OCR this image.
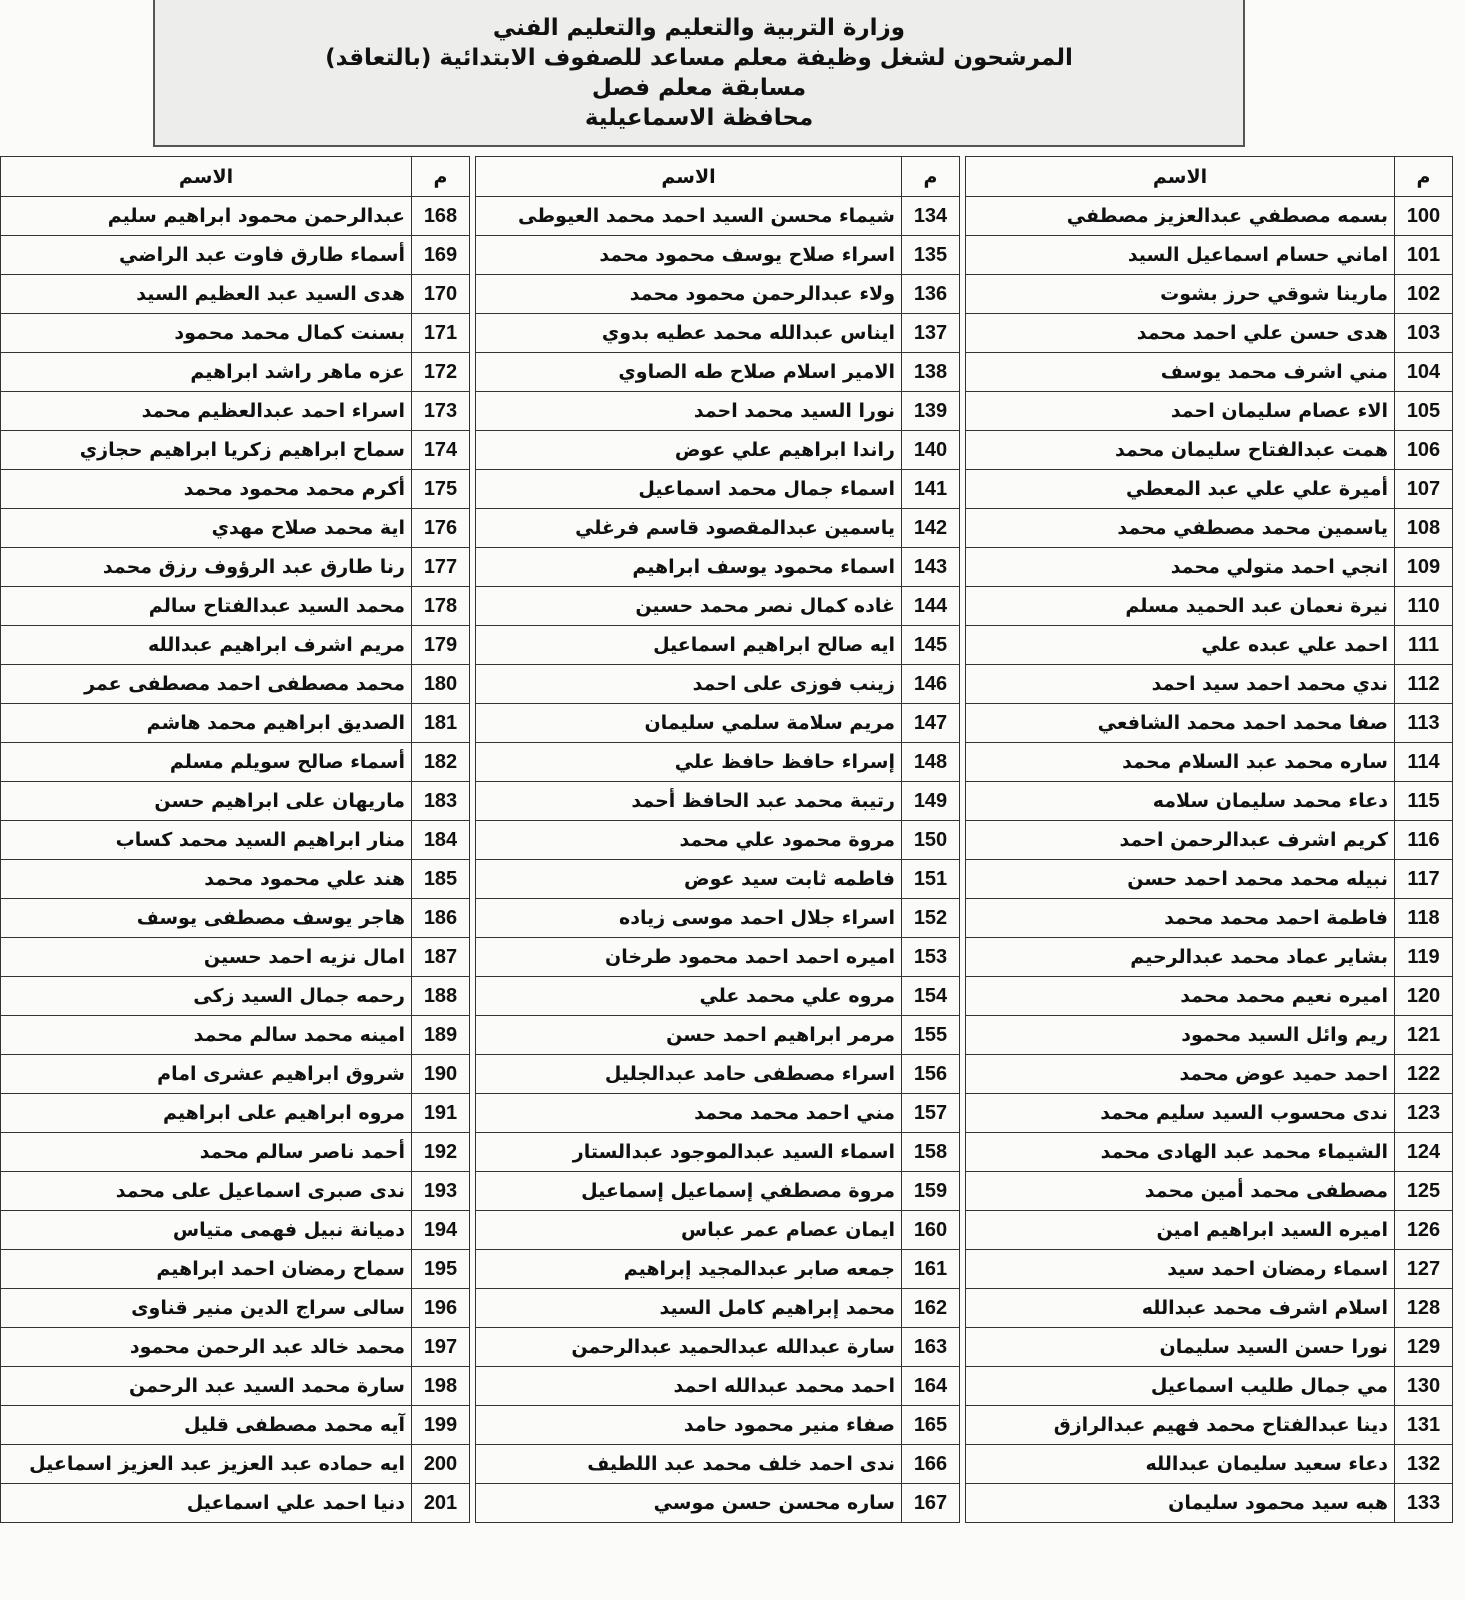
وزارة التربية والتعليم والتعليم الفني
المرشحون لشغل وظيفة معلم مساعد للصفوف الابتدائية (بالتعاقد)
مسابقة معلم فصل
محافظة الاسماعيلية
م	الاسم
100	بسمه مصطفي عبدالعزيز مصطفي
101	اماني حسام اسماعيل السيد
102	مارينا شوقي حرز بشوت
103	هدى حسن علي احمد محمد
104	مني اشرف محمد يوسف
105	الاء عصام سليمان احمد
106	همت عبدالفتاح سليمان محمد
107	أميرة علي علي عبد المعطي
108	ياسمين محمد مصطفي محمد
109	انجي احمد متولي محمد
110	نيرة نعمان عبد الحميد مسلم
111	احمد علي عبده علي
112	ندي محمد احمد سيد احمد
113	صفا محمد احمد محمد الشافعي
114	ساره محمد عبد السلام محمد
115	دعاء محمد سليمان سلامه
116	كريم اشرف عبدالرحمن احمد
117	نبيله محمد محمد احمد حسن
118	فاطمة احمد محمد محمد
119	بشاير عماد محمد عبدالرحيم
120	اميره نعيم محمد محمد
121	ريم وائل السيد محمود
122	احمد حميد عوض محمد
123	ندى محسوب السيد سليم محمد
124	الشيماء محمد عبد الهادى محمد
125	مصطفى محمد أمين محمد
126	اميره السيد ابراهيم امين
127	اسماء رمضان احمد سيد
128	اسلام اشرف محمد عبدالله
129	نورا حسن السيد سليمان
130	مي جمال طليب اسماعيل
131	دينا عبدالفتاح محمد فهيم عبدالرازق
132	دعاء سعيد سليمان عبدالله
133	هبه سيد محمود سليمان
م	الاسم
134	شيماء محسن السيد احمد محمد العيوطى
135	اسراء صلاح يوسف محمود محمد
136	ولاء عبدالرحمن محمود محمد
137	ايناس عبدالله محمد عطيه بدوي
138	الامير اسلام صلاح طه الصاوي
139	نورا السيد محمد احمد
140	راندا ابراهيم علي عوض
141	اسماء جمال محمد اسماعيل
142	ياسمين عبدالمقصود قاسم فرغلي
143	اسماء محمود يوسف ابراهيم
144	غاده كمال نصر محمد حسين
145	ايه صالح ابراهيم اسماعيل
146	زينب فوزى على احمد
147	مريم سلامة سلمي سليمان
148	إسراء حافظ حافظ علي
149	رتيبة محمد عبد الحافظ أحمد
150	مروة محمود علي محمد
151	فاطمه ثابت سيد عوض
152	اسراء جلال احمد موسى زياده
153	اميره احمد احمد محمود طرخان
154	مروه علي محمد علي
155	مرمر ابراهيم احمد حسن
156	اسراء مصطفى حامد عبدالجليل
157	مني احمد محمد محمد
158	اسماء السيد عبدالموجود عبدالستار
159	مروة مصطفي إسماعيل إسماعيل
160	ايمان عصام عمر عباس
161	جمعه صابر عبدالمجيد إبراهيم
162	محمد إبراهيم كامل السيد
163	سارة عبدالله عبدالحميد عبدالرحمن
164	احمد محمد عبدالله احمد
165	صفاء منير محمود حامد
166	ندى احمد خلف محمد عبد اللطيف
167	ساره محسن حسن موسي
م	الاسم
168	عبدالرحمن محمود ابراهيم سليم
169	أسماء طارق فاوت عبد الراضي
170	هدى السيد عبد العظيم السيد
171	بسنت كمال محمد محمود
172	عزه ماهر راشد ابراهيم
173	اسراء احمد عبدالعظيم محمد
174	سماح ابراهيم زكريا ابراهيم حجازي
175	أكرم محمد محمود محمد
176	اية محمد صلاح مهدي
177	رنا طارق عبد الرؤوف رزق محمد
178	محمد السيد عبدالفتاح سالم
179	مريم اشرف ابراهيم عبدالله
180	محمد مصطفى احمد مصطفى عمر
181	الصديق ابراهيم محمد هاشم
182	أسماء صالح سويلم مسلم
183	ماريهان على ابراهيم حسن
184	منار ابراهيم السيد محمد كساب
185	هند علي محمود محمد
186	هاجر يوسف مصطفى يوسف
187	امال نزيه احمد حسين
188	رحمه جمال السيد زكى
189	امينه محمد سالم محمد
190	شروق ابراهيم عشرى امام
191	مروه ابراهيم على ابراهيم
192	أحمد ناصر سالم محمد
193	ندى صبرى اسماعيل على محمد
194	دميانة نبيل فهمى متياس
195	سماح رمضان احمد ابراهيم
196	سالى سراج الدين منير قناوى
197	محمد خالد عبد الرحمن محمود
198	سارة محمد السيد عبد الرحمن
199	آيه محمد مصطفى قليل
200	ايه حماده عبد العزيز عبد العزيز اسماعيل
201	دنيا احمد علي اسماعيل
